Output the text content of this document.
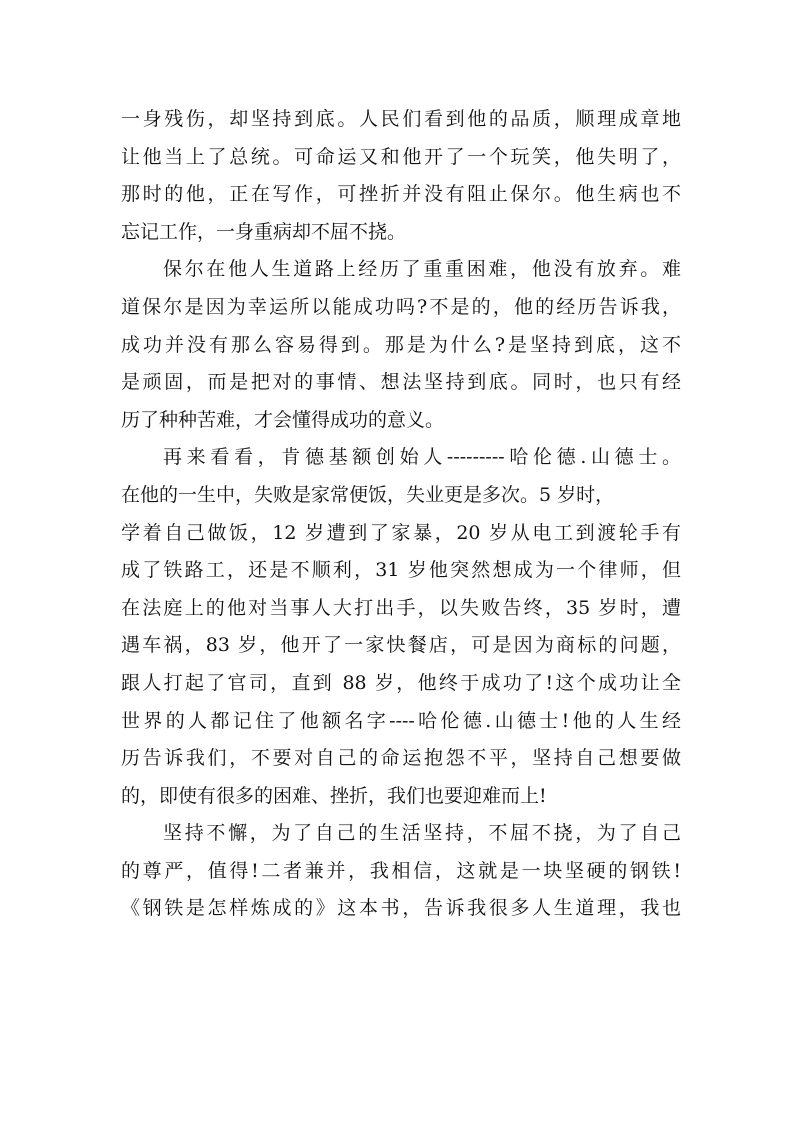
一身残伤，却坚持到底。人民们看到他的品质，顺理成章地
让他当上了总统。可命运又和他开了一个玩笑，他失明了，
那时的他，正在写作，可挫折并没有阻止保尔。他生病也不
忘记工作，一身重病却不屈不挠。
保尔在他人生道路上经历了重重困难，他没有放弃。难
道保尔是因为幸运所以能成功吗?不是的，他的经历告诉我，
成功并没有那么容易得到。那是为什么?是坚持到底，这不
是顽固，而是把对的事情、想法坚持到底。同时，也只有经
历了种种苦难，才会懂得成功的意义。
再来看看，肯德基额创始人---------哈伦德.山德士。
在他的一生中，失败是家常便饭，失业更是多次。5 岁时，
学着自己做饭，12 岁遭到了家暴，20 岁从电工到渡轮手有
成了铁路工，还是不顺利，31 岁他突然想成为一个律师，但
在法庭上的他对当事人大打出手，以失败告终，35 岁时，遭
遇车祸，83 岁，他开了一家快餐店，可是因为商标的问题，
跟人打起了官司，直到 88 岁，他终于成功了!这个成功让全
世界的人都记住了他额名字----哈伦德.山德士!他的人生经
历告诉我们，不要对自己的命运抱怨不平，坚持自己想要做
的，即使有很多的困难、挫折，我们也要迎难而上!
坚持不懈，为了自己的生活坚持，不屈不挠，为了自己
的尊严，值得!二者兼并，我相信，这就是一块坚硬的钢铁!
《钢铁是怎样炼成的》这本书，告诉我很多人生道理，我也
